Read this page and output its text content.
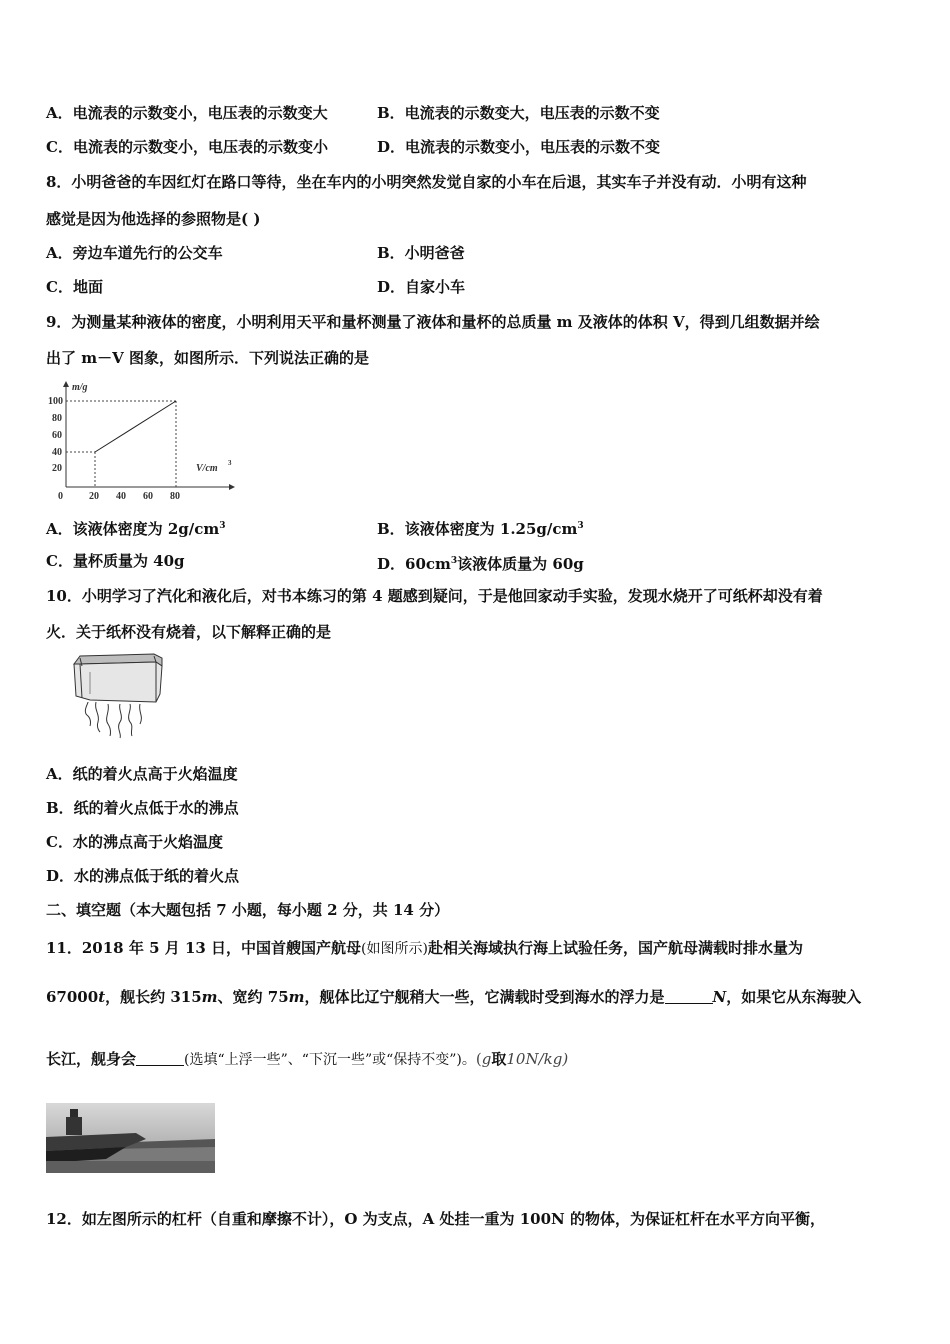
A．电流表的示数变小，电压表的示数变大	B．电流表的示数变大，电压表的示数不变
C．电流表的示数变小，电压表的示数变小	D．电流表的示数变小，电压表的示数不变
8．小明爸爸的车因红灯在路口等待，坐在车内的小明突然发觉自家的小车在后退，其实车子并没有动．小明有这种
感觉是因为他选择的参照物是( )
A．旁边车道先行的公交车	B．小明爸爸
C．地面	D．自家小车
9．为测量某种液体的密度，小明利用天平和量杯测量了液体和量杯的总质量 m 及液体的体积 V，得到几组数据并绘
出了 m－V 图象，如图所示．下列说法正确的是
100
80
60
40
20
0	20 40 60 80
m/g
V/cm 3
A．该液体密度为 $2g/cm^3$	B．该液体密度为 $1.25g/cm^3$
C．量杯质量为 40g	D．$60cm^3$该液体质量为 60g
10．小明学习了汽化和液化后，对书本练习的第 4 题感到疑问，于是他回家动手实验，发现水烧开了可纸杯却没有着
火．关于纸杯没有烧着，以下解释正确的是
A．纸的着火点高于火焰温度
B．纸的着火点低于水的沸点
C．水的沸点高于火焰温度
D．水的沸点低于纸的着火点
二、填空题（本大题包括 7 小题，每小题 2 分，共 14 分）
11．2018 年 5 月 13 日，中国首艘国产航母(如图所示)赴相关海域执行海上试验任务，国产航母满载时排水量为
67000t，舰长约 315m、宽约 75m，舰体比辽宁舰稍大一些，它满载时受到海水的浮力是	N，如果它从东海驶入
长江，舰身会	(选填“上浮一些”、“下沉一些”或“保持不变”)。(g取10N/kg)
12．如左图所示的杠杆（自重和摩擦不计），O 为支点，A 处挂一重为 100N 的物体，为保证杠杆在水平方向平衡，
